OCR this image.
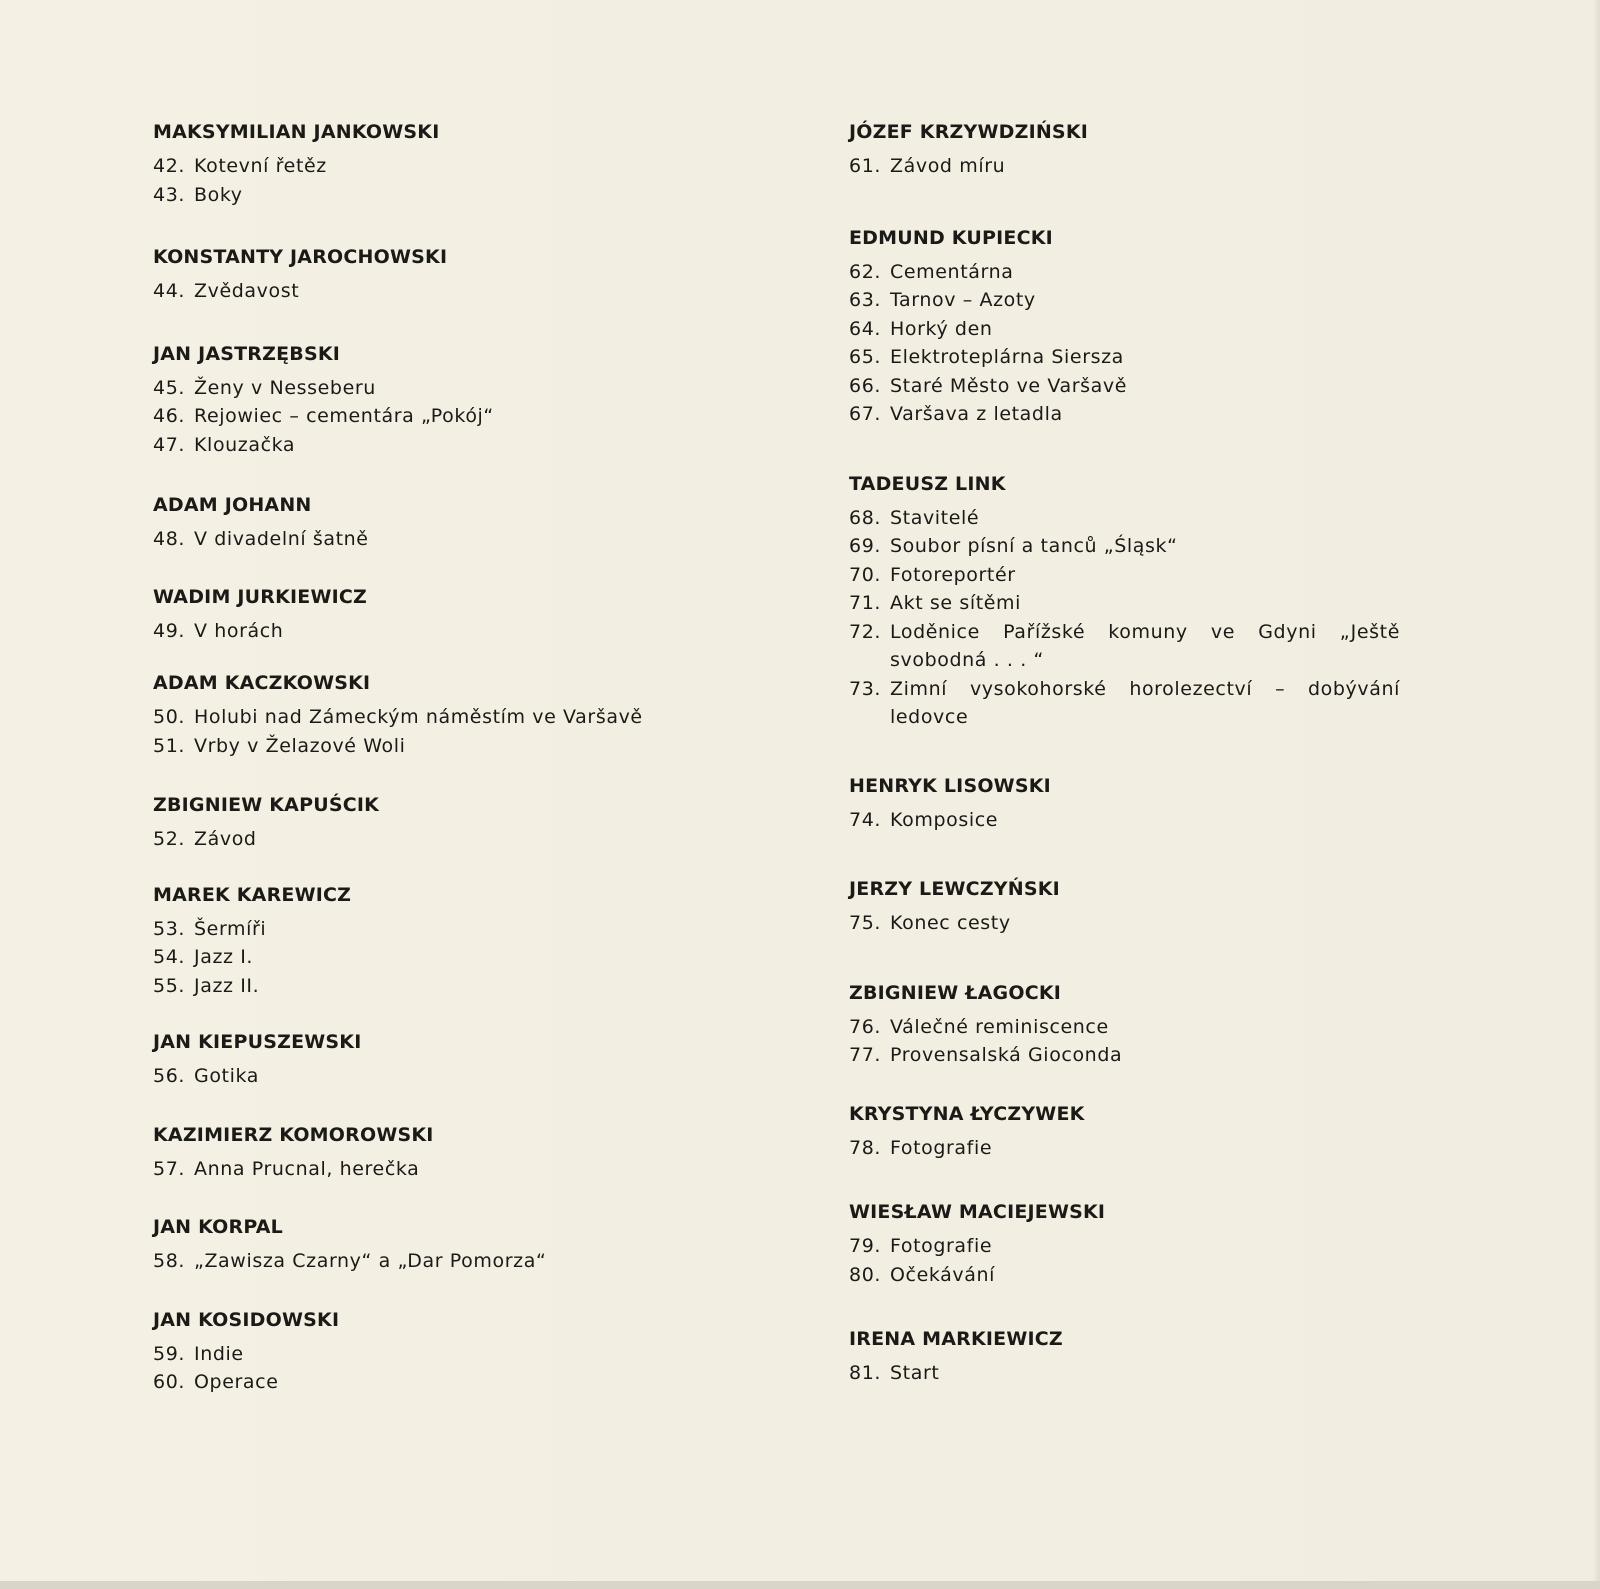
MAKSYMILIAN JANKOWSKI
42. Kotevní řetěz
43. Boky
KONSTANTY JAROCHOWSKI
44. Zvědavost
JAN JASTRZĘBSKI
45. Ženy v Nesseberu
46. Rejowiec – cementára „Pokój“
47. Klouzačka
ADAM JOHANN
48. V divadelní šatně
WADIM JURKIEWICZ
49. V horách
ADAM KACZKOWSKI
50. Holubi nad Zámeckým náměstím ve Varšavě
51. Vrby v Želazové Woli
ZBIGNIEW KAPUŚCIK
52. Závod
MAREK KAREWICZ
53. Šermíři
54. Jazz I.
55. Jazz II.
JAN KIEPUSZEWSKI
56. Gotika
KAZIMIERZ KOMOROWSKI
57. Anna Prucnal, herečka
JAN KORPAL
58. „Zawisza Czarny“ a „Dar Pomorza“
JAN KOSIDOWSKI
59. Indie
60. Operace
JÓZEF KRZYWDZIŃSKI
61. Závod míru
EDMUND KUPIECKI
62. Cementárna
63. Tarnov – Azoty
64. Horký den
65. Elektroteplárna Siersza
66. Staré Město ve Varšavě
67. Varšava z letadla
TADEUSZ LINK
68. Stavitelé
69. Soubor písní a tanců „Śląsk“
70. Fotoreportér
71. Akt se sítěmi
72. Loděnice Pařížské komuny ve Gdyni „Ještě svobodná . . . “
73. Zimní vysokohorské horolezectví – dobývání ledovce
HENRYK LISOWSKI
74. Komposice
JERZY LEWCZYŃSKI
75. Konec cesty
ZBIGNIEW ŁAGOCKI
76. Válečné reminiscence
77. Provensalská Gioconda
KRYSTYNA ŁYCZYWEK
78. Fotografie
WIESŁAW MACIEJEWSKI
79. Fotografie
80. Očekávání
IRENA MARKIEWICZ
81. Start
